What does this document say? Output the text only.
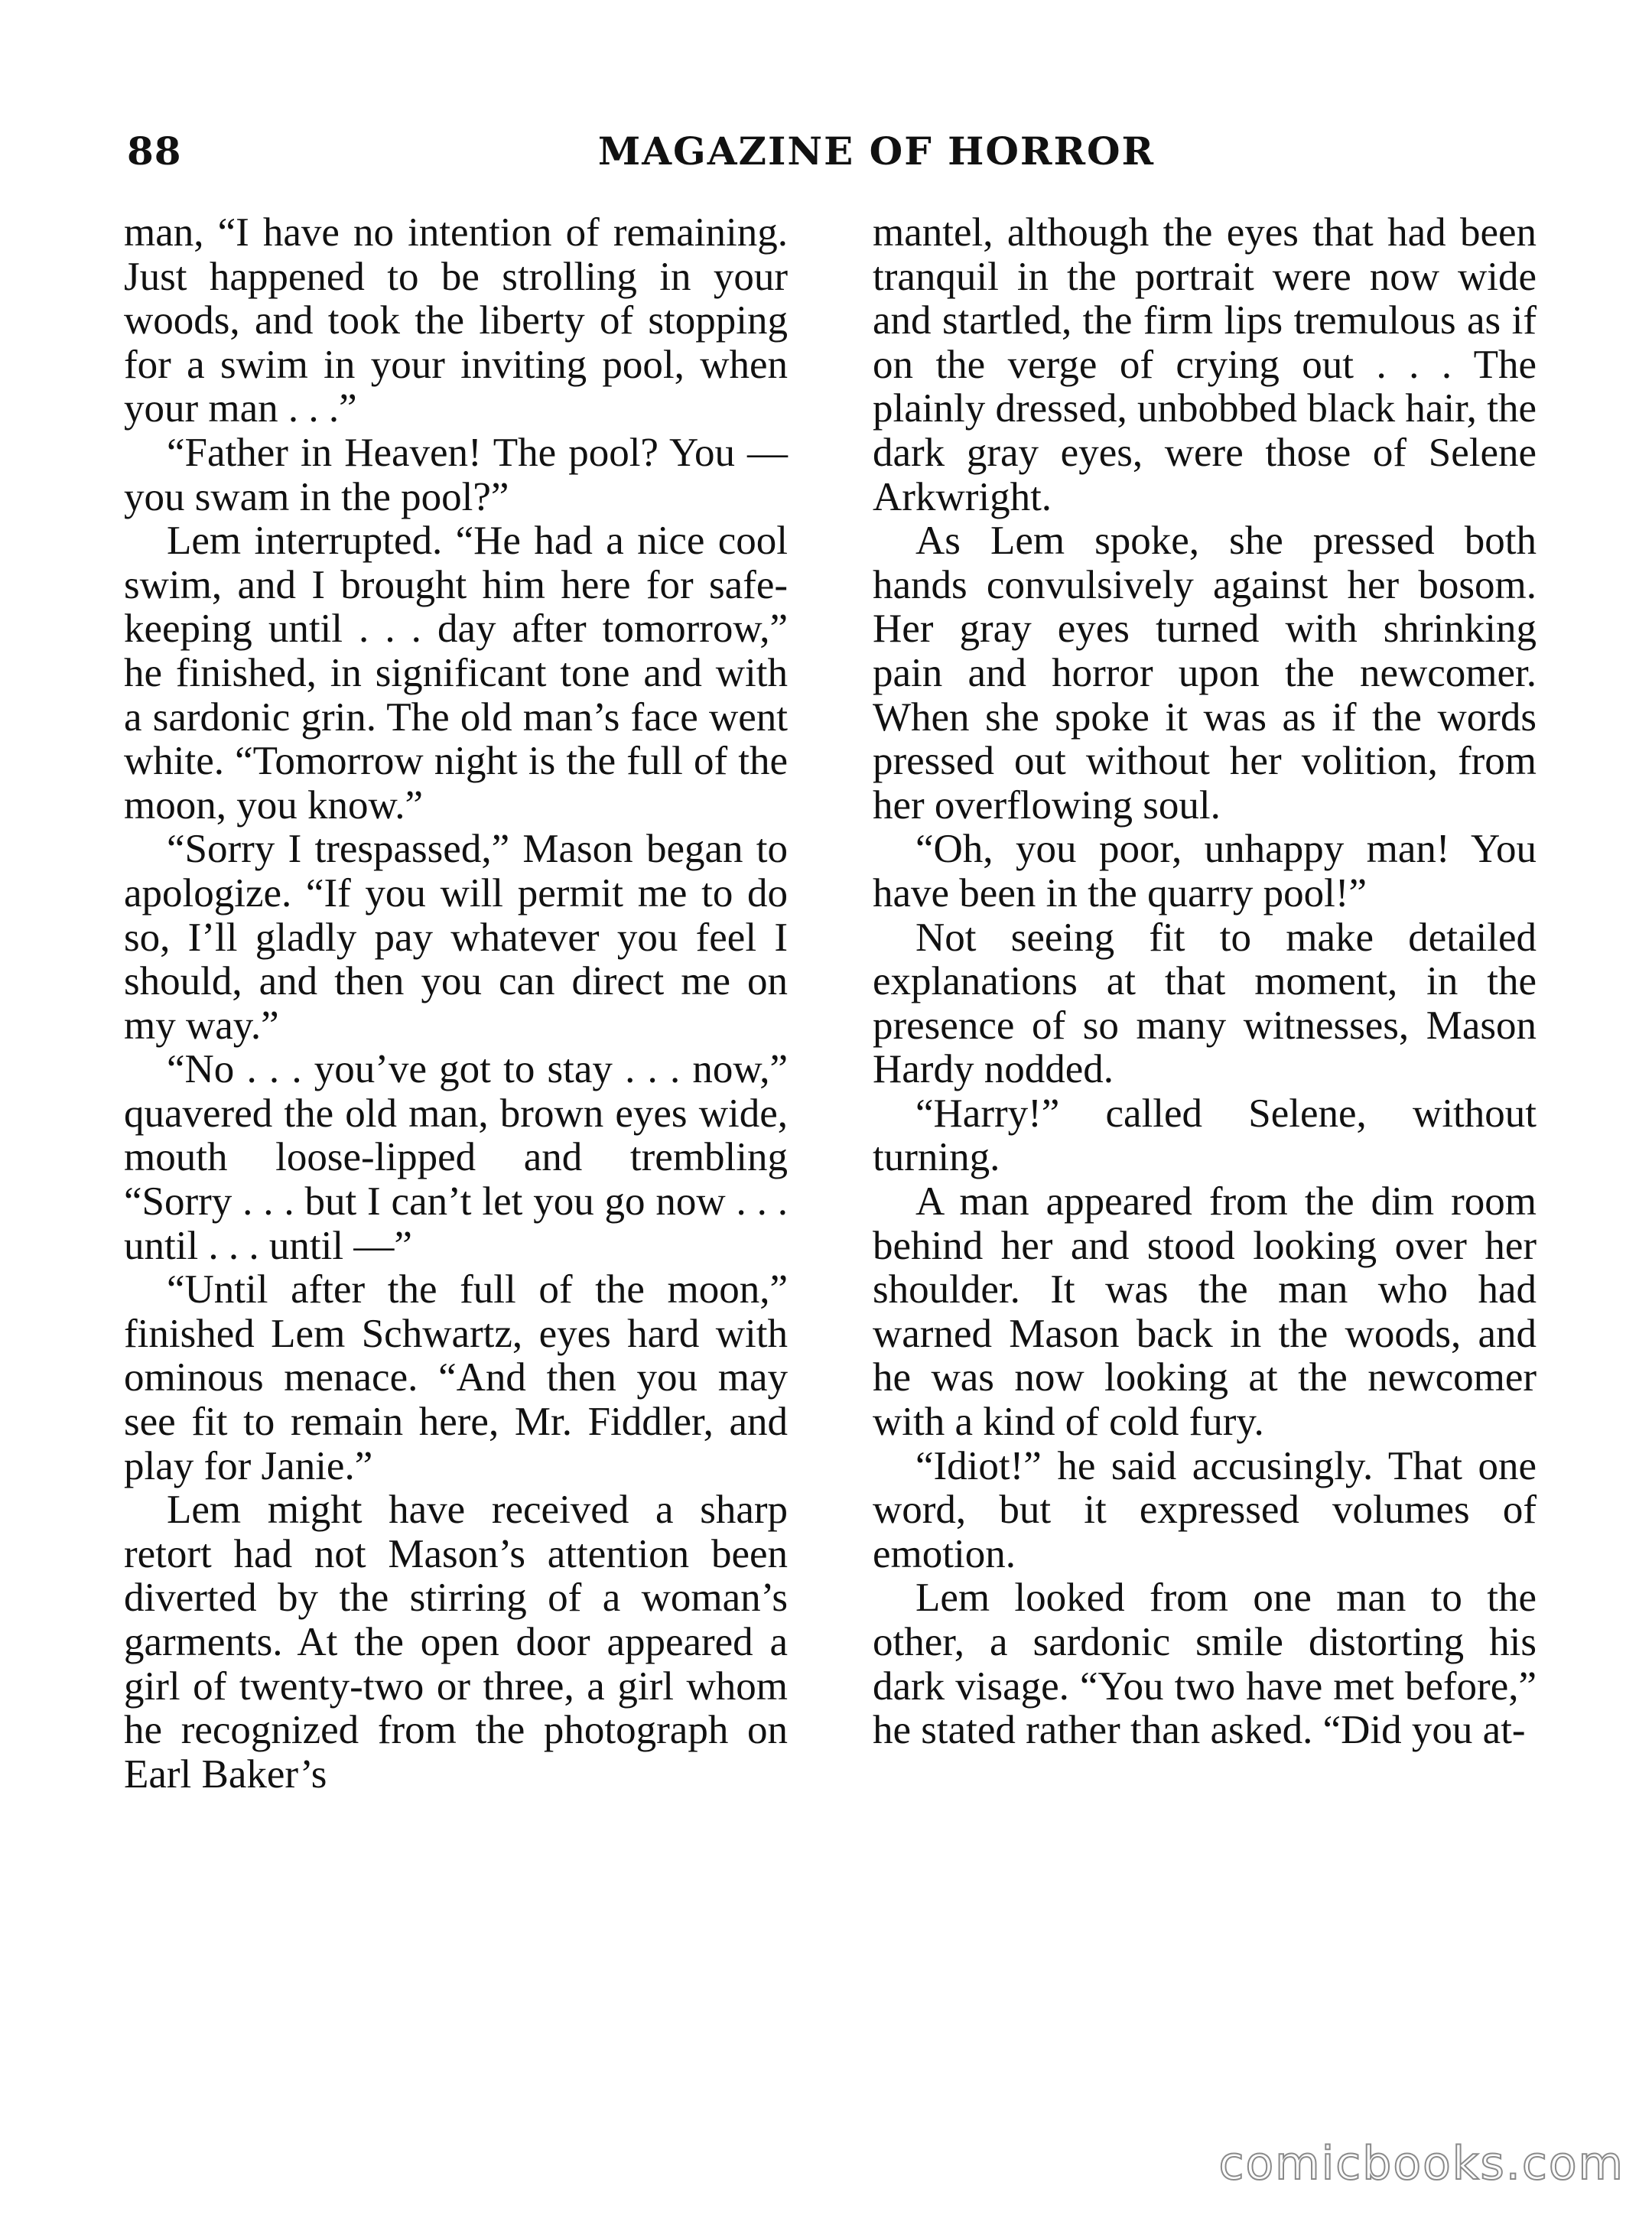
88	MAGAZINE OF HORROR

man, “I have no intention of remaining. Just happened to be strolling in your woods, and took the liberty of stopping for a swim in your inviting pool, when your man . . .”

“Father in Heaven! The pool? You — you swam in the pool?”

Lem interrupted. “He had a nice cool swim, and I brought him here for safe-keeping until . . . day after tomorrow,” he finished, in significant tone and with a sardonic grin. The old man’s face went white. “Tomorrow night is the full of the moon, you know.”

“Sorry I trespassed,” Mason began to apologize. “If you will permit me to do so, I’ll gladly pay whatever you feel I should, and then you can direct me on my way.”

“No . . . you’ve got to stay . . . now,” quavered the old man, brown eyes wide, mouth loose-lipped and trembling “Sorry . . . but I can’t let you go now . . . until . . . until —”

“Until after the full of the moon,” finished Lem Schwartz, eyes hard with ominous menace. “And then you may see fit to remain here, Mr. Fiddler, and play for Janie.”

Lem might have received a sharp retort had not Mason’s attention been diverted by the stirring of a woman’s garments. At the open door appeared a girl of twenty-two or three, a girl whom he recognized from the photograph on Earl Baker’s

mantel, although the eyes that had been tranquil in the portrait were now wide and startled, the firm lips tremulous as if on the verge of crying out . . . The plainly dressed, unbobbed black hair, the dark gray eyes, were those of Selene Arkwright.

As Lem spoke, she pressed both hands convulsively against her bosom. Her gray eyes turned with shrinking pain and horror upon the newcomer. When she spoke it was as if the words pressed out without her volition, from her overflowing soul.

“Oh, you poor, unhappy man! You have been in the quarry pool!”

Not seeing fit to make detailed explanations at that moment, in the presence of so many witnesses, Mason Hardy nodded.

“Harry!” called Selene, without turning.

A man appeared from the dim room behind her and stood looking over her shoulder. It was the man who had warned Mason back in the woods, and he was now looking at the newcomer with a kind of cold fury.

“Idiot!” he said accusingly. That one word, but it expressed volumes of emotion.

Lem looked from one man to the other, a sardonic smile distorting his dark visage. “You two have met before,” he stated rather than asked. “Did you at-

comicbooks.com
